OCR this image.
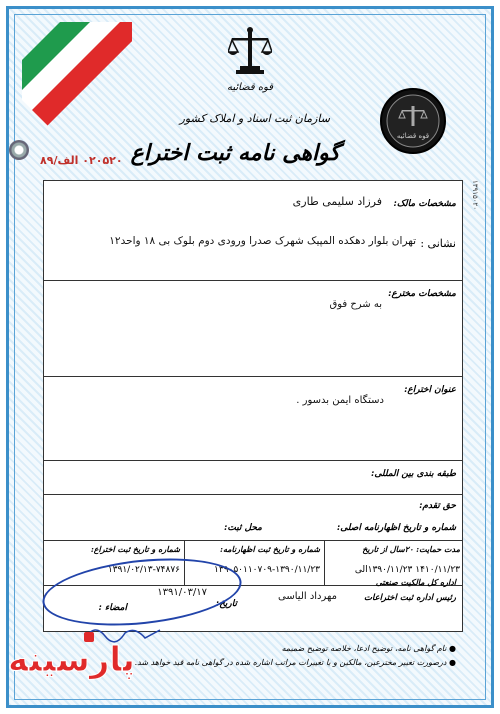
قوه قضائیه
سازمان ثبت اسناد و املاک کشور
گواهی نامه ثبت اختراع
قوه قضائیه
۰۲۰۵۲۰ الف/۸۹
مشخصات مالک:
فرزاد سلیمی طاری
نشانی :
تهران بلوار دهکده المپیک شهرک صدرا ورودی دوم بلوک بی ۱۸ واحد۱۲
مشخصات مخترع:
به شرح فوق
عنوان اختراع:
دستگاه ایمن بدسور .
طبقه بندی بین المللی:
حق تقدم:
شماره و تاریخ اظهارنامه اصلی:
محل ثبت:
مدت حمایت: ۲۰سال از تاریخ
۱۴۱۰/۱۱/۲۳ ۱۳۹۰/۱۱/۲۳الی
شماره و تاریخ ثبت اظهارنامه:
۱۳۹۰۵۰۱۱۰۷۰۹-۱۳۹۰/۱۱/۲۳
شماره و تاریخ ثبت اختراع:
۱۳۹۱/۰۲/۱۳-۷۴۸۷۶
اداره کل مالکیت صنعتی
رئیس اداره ثبت اختراعات
مهرداد الیاسی
تاریخ:
۱۳۹۱/۰۳/۱۷
امضاء :
۱۳۹۱۵۰۲۰
● نام گواهی نامه، توضیح ادعا، خلاصه توضیح ضمیمه
● درصورت تغییر مخترعین، مالکین و یا تغییرات مراتب اشاره شده در گواهی نامه قید خواهد شد.
پارسینه
